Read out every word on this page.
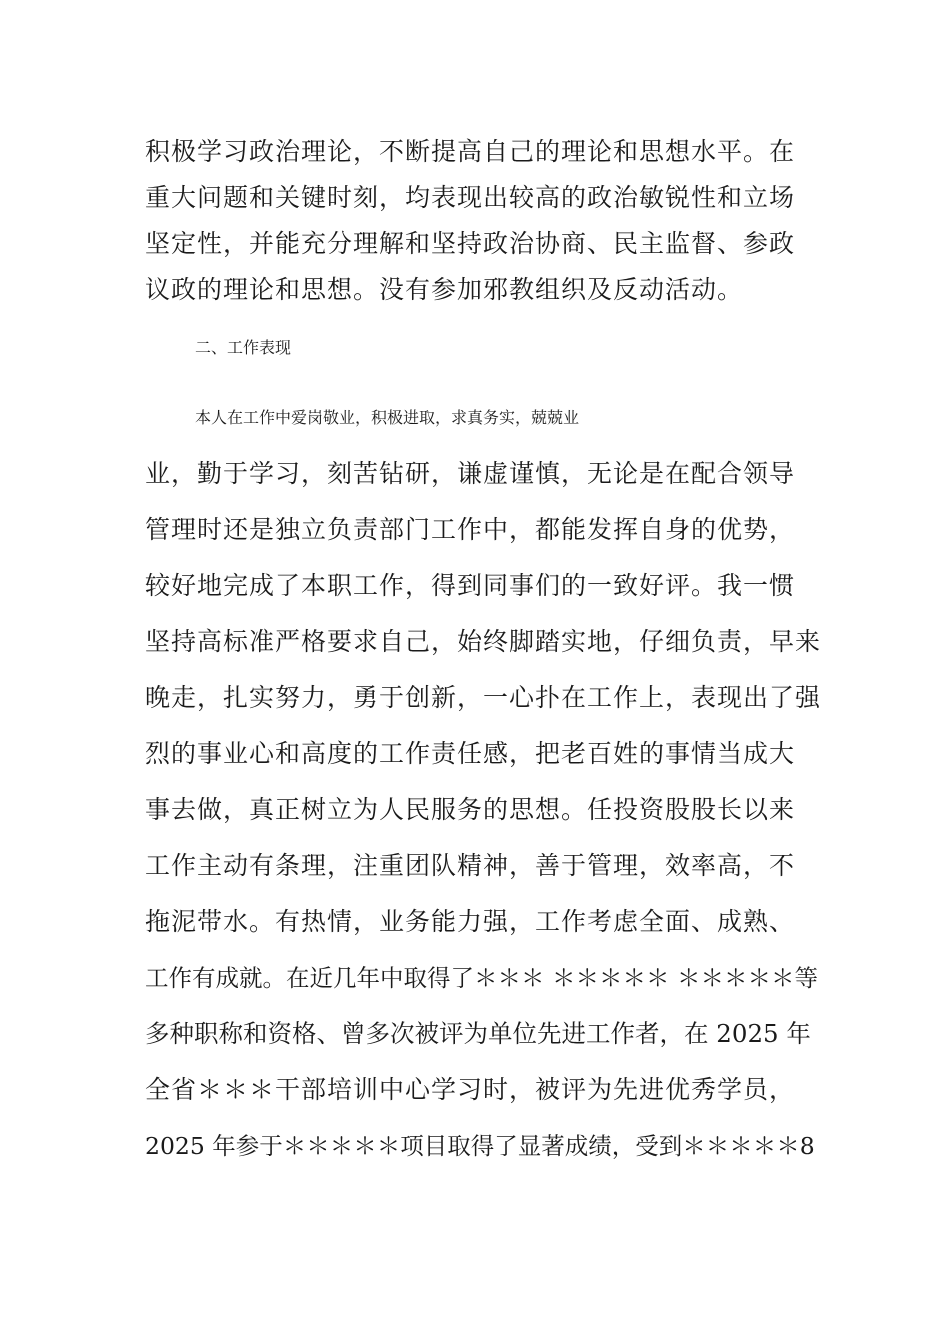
积极学习政治理论，不断提高自己的理论和思想水平。在
重大问题和关键时刻，均表现出较高的政治敏锐性和立场
坚定性，并能充分理解和坚持政治协商、民主监督、参政
议政的理论和思想。没有参加邪教组织及反动活动。
二、工作表现
本人在工作中爱岗敬业，积极进取，求真务实，兢兢业
业，勤于学习，刻苦钻研，谦虚谨慎，无论是在配合领导
管理时还是独立负责部门工作中，都能发挥自身的优势，
较好地完成了本职工作，得到同事们的一致好评。我一惯
坚持高标准严格要求自己，始终脚踏实地，仔细负责，早来
晚走，扎实努力，勇于创新，一心扑在工作上，表现出了强
烈的事业心和高度的工作责任感，把老百姓的事情当成大
事去做，真正树立为人民服务的思想。任投资股股长以来
工作主动有条理，注重团队精神，善于管理，效率高，不
拖泥带水。有热情，业务能力强，工作考虑全面、成熟、
工作有成就。在近几年中取得了＊＊＊ ＊＊＊＊＊ ＊＊＊＊＊等
多种职称和资格、曾多次被评为单位先进工作者，在 2025 年
全省＊＊＊干部培训中心学习时，被评为先进优秀学员，
2025 年参于＊＊＊＊＊项目取得了显著成绩，受到＊＊＊＊＊8
